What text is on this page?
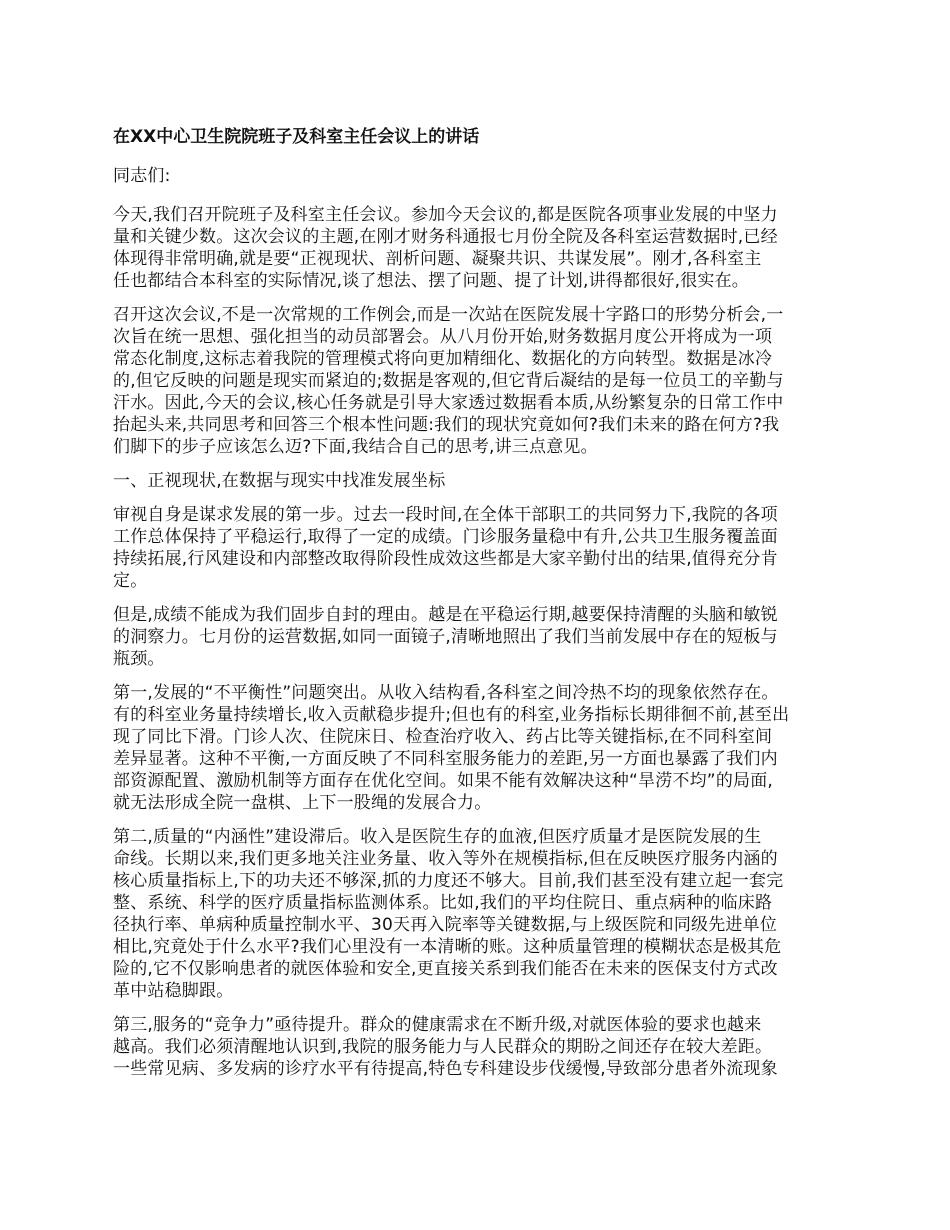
在XX中心卫生院院班子及科室主任会议上的讲话
同志们:
今天,我们召开院班子及科室主任会议。参加今天会议的,都是医院各项事业发展的中坚力
量和关键少数。这次会议的主题,在刚才财务科通报七月份全院及各科室运营数据时,已经
体现得非常明确,就是要“正视现状、剖析问题、凝聚共识、共谋发展”。刚才,各科室主
任也都结合本科室的实际情况,谈了想法、摆了问题、提了计划,讲得都很好,很实在。
召开这次会议,不是一次常规的工作例会,而是一次站在医院发展十字路口的形势分析会,一
次旨在统一思想、强化担当的动员部署会。从八月份开始,财务数据月度公开将成为一项
常态化制度,这标志着我院的管理模式将向更加精细化、数据化的方向转型。数据是冰冷
的,但它反映的问题是现实而紧迫的;数据是客观的,但它背后凝结的是每一位员工的辛勤与
汗水。因此,今天的会议,核心任务就是引导大家透过数据看本质,从纷繁复杂的日常工作中
抬起头来,共同思考和回答三个根本性问题:我们的现状究竟如何?我们未来的路在何方?我
们脚下的步子应该怎么迈?下面,我结合自己的思考,讲三点意见。
一、正视现状,在数据与现实中找准发展坐标
审视自身是谋求发展的第一步。过去一段时间,在全体干部职工的共同努力下,我院的各项
工作总体保持了平稳运行,取得了一定的成绩。门诊服务量稳中有升,公共卫生服务覆盖面
持续拓展,行风建设和内部整改取得阶段性成效这些都是大家辛勤付出的结果,值得充分肯
定。
但是,成绩不能成为我们固步自封的理由。越是在平稳运行期,越要保持清醒的头脑和敏锐
的洞察力。七月份的运营数据,如同一面镜子,清晰地照出了我们当前发展中存在的短板与
瓶颈。
第一,发展的“不平衡性”问题突出。从收入结构看,各科室之间冷热不均的现象依然存在。
有的科室业务量持续增长,收入贡献稳步提升;但也有的科室,业务指标长期徘徊不前,甚至出
现了同比下滑。门诊人次、住院床日、检查治疗收入、药占比等关键指标,在不同科室间
差异显著。这种不平衡,一方面反映了不同科室服务能力的差距,另一方面也暴露了我们内
部资源配置、激励机制等方面存在优化空间。如果不能有效解决这种“旱涝不均”的局面,
就无法形成全院一盘棋、上下一股绳的发展合力。
第二,质量的“内涵性”建设滞后。收入是医院生存的血液,但医疗质量才是医院发展的生
命线。长期以来,我们更多地关注业务量、收入等外在规模指标,但在反映医疗服务内涵的
核心质量指标上,下的功夫还不够深,抓的力度还不够大。目前,我们甚至没有建立起一套完
整、系统、科学的医疗质量指标监测体系。比如,我们的平均住院日、重点病种的临床路
径执行率、单病种质量控制水平、30天再入院率等关键数据,与上级医院和同级先进单位
相比,究竟处于什么水平?我们心里没有一本清晰的账。这种质量管理的模糊状态是极其危
险的,它不仅影响患者的就医体验和安全,更直接关系到我们能否在未来的医保支付方式改
革中站稳脚跟。
第三,服务的“竞争力”亟待提升。群众的健康需求在不断升级,对就医体验的要求也越来
越高。我们必须清醒地认识到,我院的服务能力与人民群众的期盼之间还存在较大差距。
一些常见病、多发病的诊疗水平有待提高,特色专科建设步伐缓慢,导致部分患者外流现象
